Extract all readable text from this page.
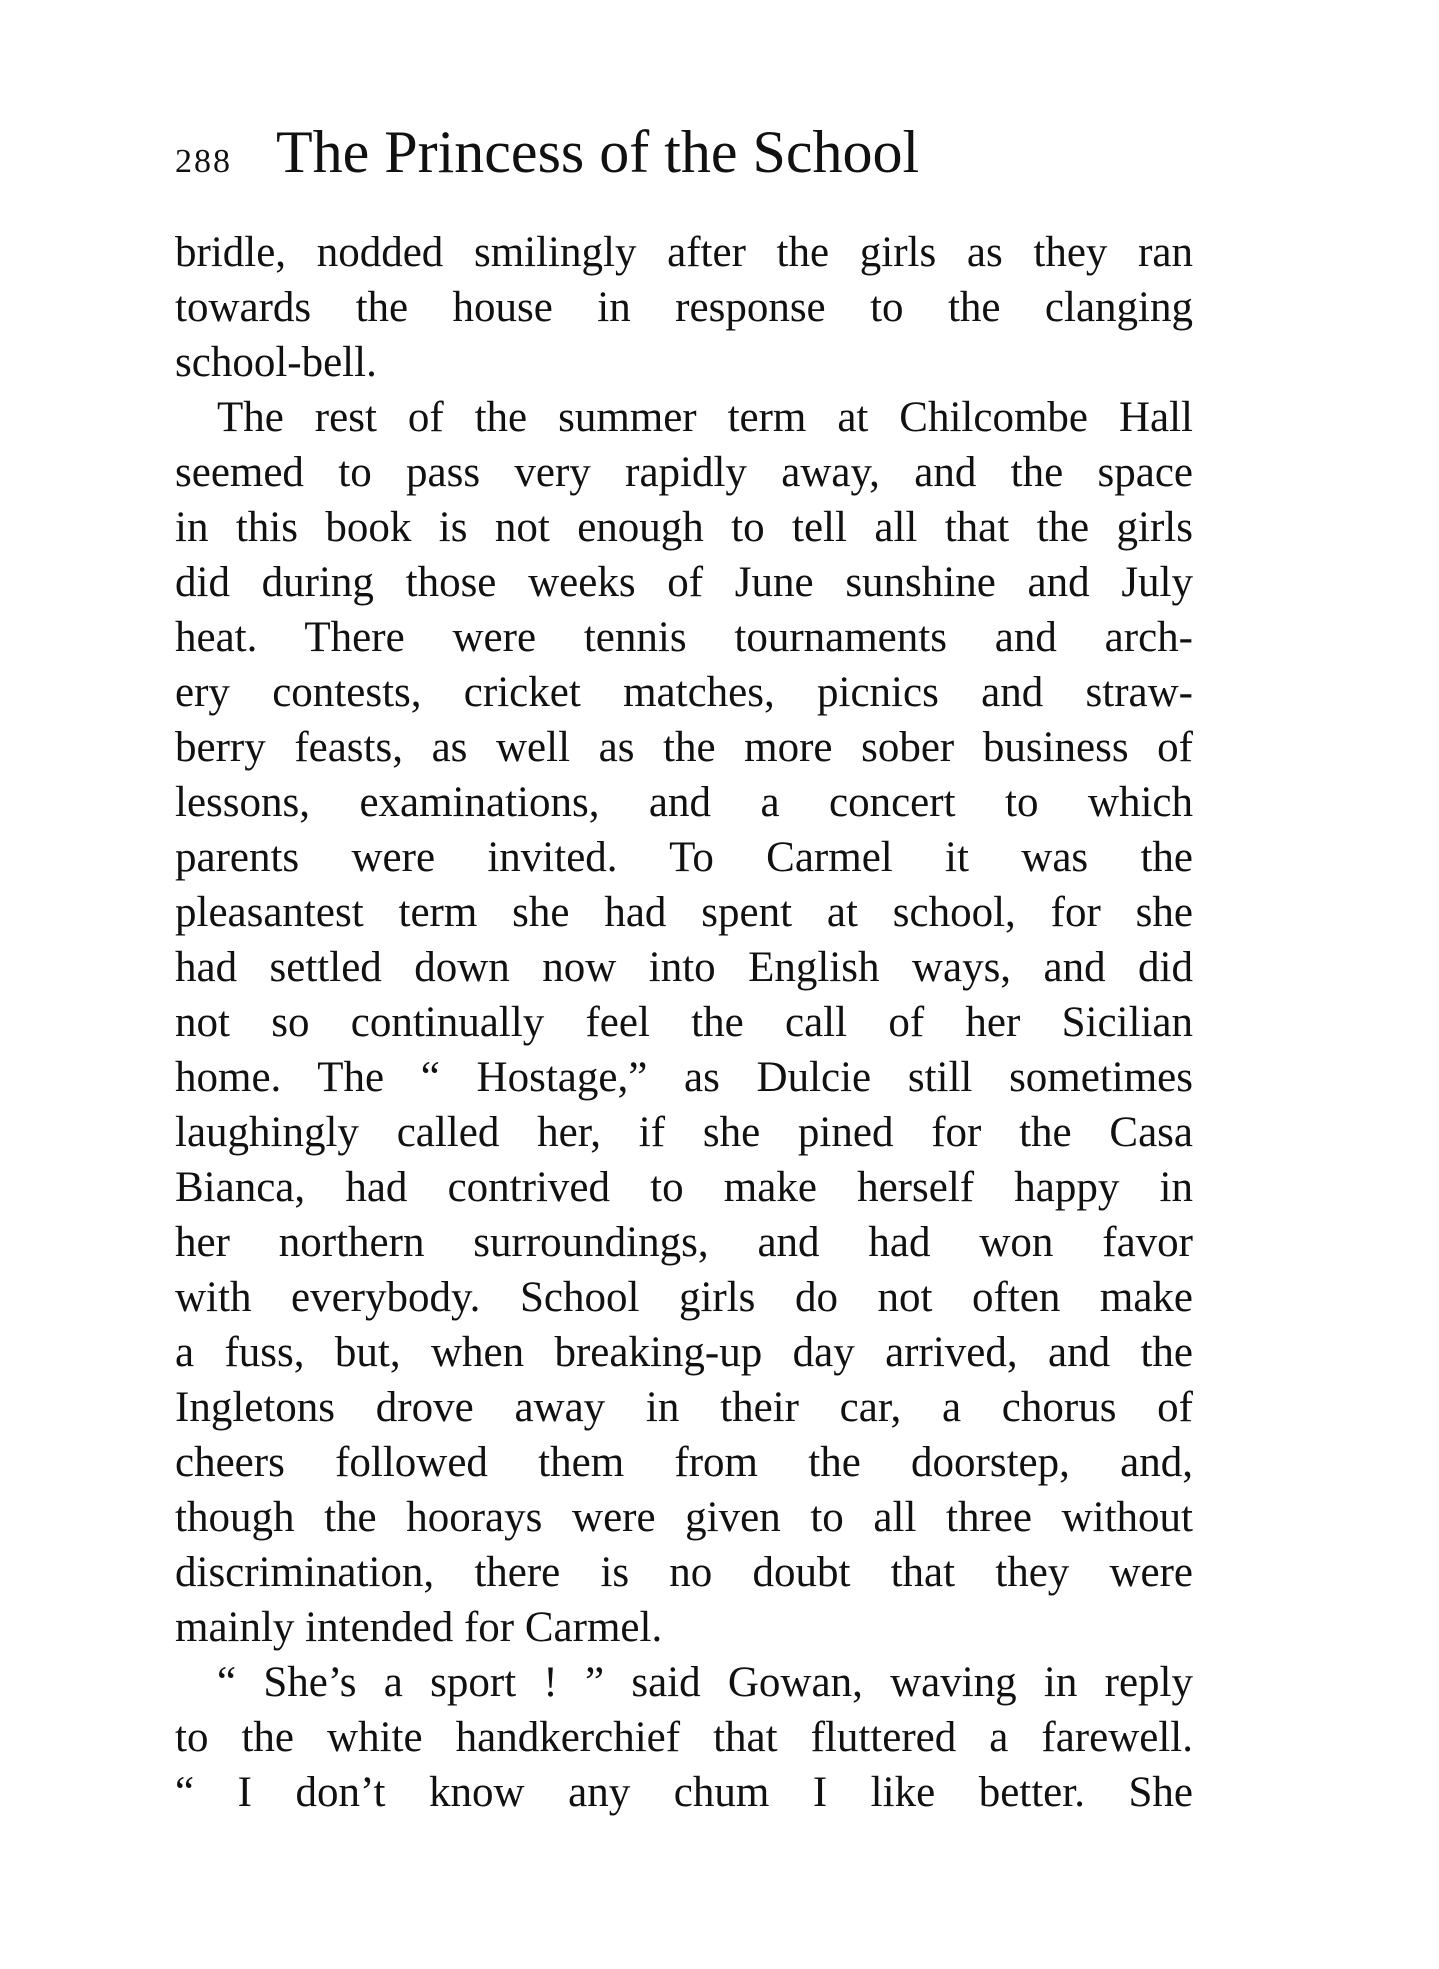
288 The Princess of the School
bridle, nodded smilingly after the girls as they ran
towards the house in response to the clanging
school-bell.
The rest of the summer term at Chilcombe Hall
seemed to pass very rapidly away, and the space
in this book is not enough to tell all that the girls
did during those weeks of June sunshine and July
heat. There were tennis tournaments and arch-
ery contests, cricket matches, picnics and straw-
berry feasts, as well as the more sober business of
lessons, examinations, and a concert to which
parents were invited. To Carmel it was the
pleasantest term she had spent at school, for she
had settled down now into English ways, and did
not so continually feel the call of her Sicilian
home. The “ Hostage,” as Dulcie still sometimes
laughingly called her, if she pined for the Casa
Bianca, had contrived to make herself happy in
her northern surroundings, and had won favor
with everybody. School girls do not often make
a fuss, but, when breaking-up day arrived, and the
Ingletons drove away in their car, a chorus of
cheers followed them from the doorstep, and,
though the hoorays were given to all three without
discrimination, there is no doubt that they were
mainly intended for Carmel.
“ She’s a sport ! ” said Gowan, waving in reply
to the white handkerchief that fluttered a farewell.
“ I don’t know any chum I like better. She
